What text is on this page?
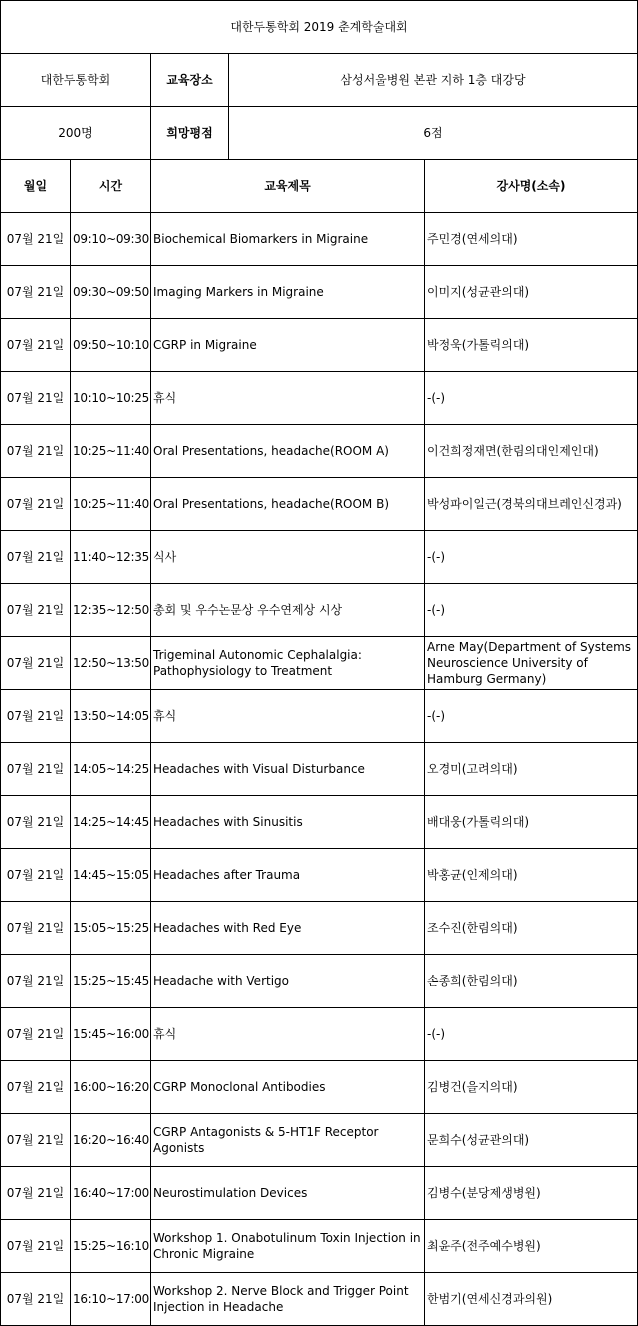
대한두통학회 2019 춘계학술대회				
대한두통학회		교육장소	삼성서울병원 본관 지하 1층 대강당	
200명		희망평점	6점	
월일	시간	교육제목		강사명(소속)
07월 21일	09:10~09:30	Biochemical Biomarkers in Migraine		주민경(연세의대)
07월 21일	09:30~09:50	Imaging Markers in Migraine		이미지(성균관의대)
07월 21일	09:50~10:10	CGRP in Migraine		박정욱(가톨릭의대)
07월 21일	10:10~10:25	휴식		-(-)
07월 21일	10:25~11:40	Oral Presentations, headache(ROOM A)		이건희정재면(한림의대인제인대)
07월 21일	10:25~11:40	Oral Presentations, headache(ROOM B)		박성파이일근(경북의대브레인신경과)
07월 21일	11:40~12:35	식사		-(-)
07월 21일	12:35~12:50	총회 및 우수논문상 우수연제상 시상		-(-)
07월 21일	12:50~13:50	Trigeminal Autonomic Cephalalgia: Pathophysiology to Treatment		Arne May(Department of Systems Neuroscience University of Hamburg Germany)
07월 21일	13:50~14:05	휴식		-(-)
07월 21일	14:05~14:25	Headaches with Visual Disturbance		오경미(고려의대)
07월 21일	14:25~14:45	Headaches with Sinusitis		배대웅(가톨릭의대)
07월 21일	14:45~15:05	Headaches after Trauma		박홍균(인제의대)
07월 21일	15:05~15:25	Headaches with Red Eye		조수진(한림의대)
07월 21일	15:25~15:45	Headache with Vertigo		손종희(한림의대)
07월 21일	15:45~16:00	휴식		-(-)
07월 21일	16:00~16:20	CGRP Monoclonal Antibodies		김병건(을지의대)
07월 21일	16:20~16:40	CGRP Antagonists & 5-HT1F Receptor Agonists		문희수(성균관의대)
07월 21일	16:40~17:00	Neurostimulation Devices		김병수(분당제생병원)
07월 21일	15:25~16:10	Workshop 1. Onabotulinum Toxin Injection in Chronic Migraine		최윤주(전주예수병원)
07월 21일	16:10~17:00	Workshop 2. Nerve Block and Trigger Point Injection in Headache		한범기(연세신경과의원)
